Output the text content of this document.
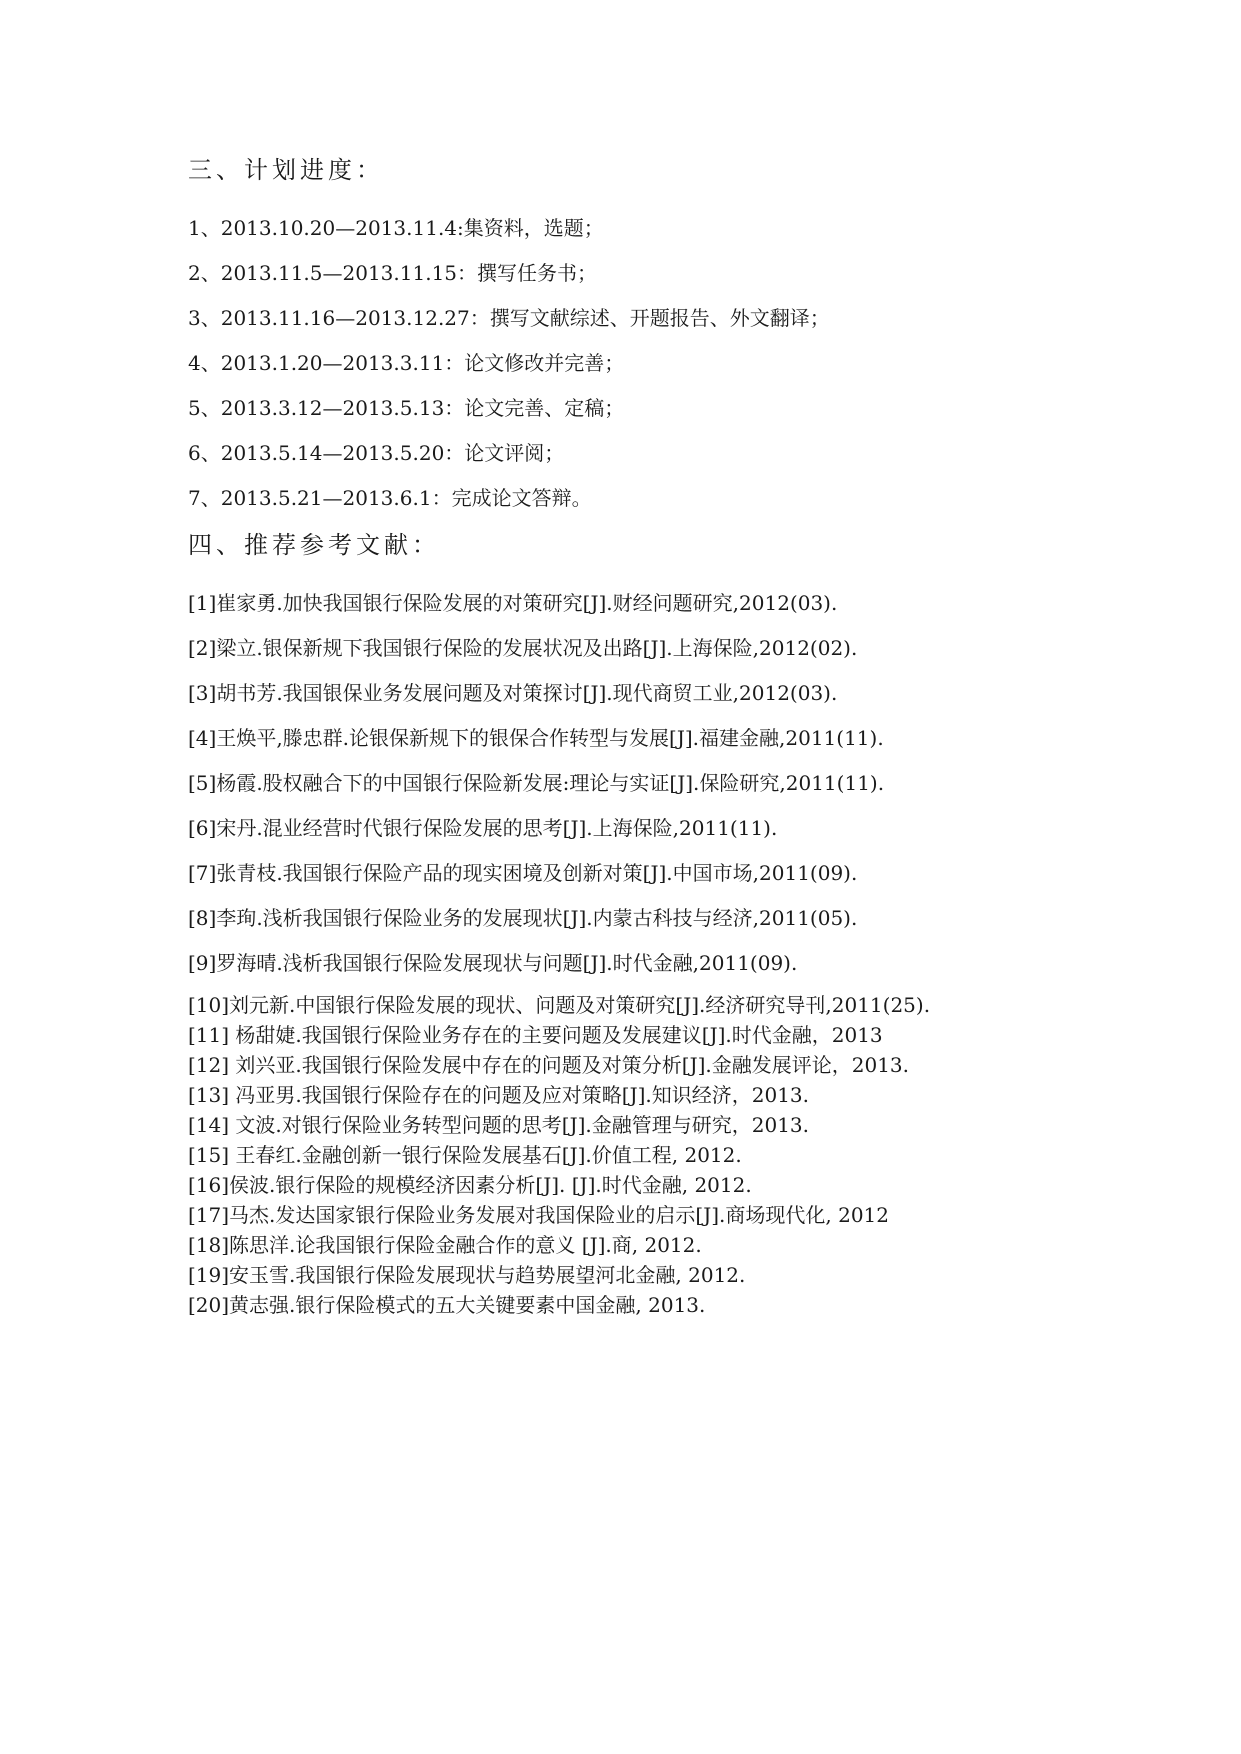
三、计划进度：
1、2013.10.20—2013.11.4:集资料，选题；
2、2013.11.5—2013.11.15：撰写任务书；
3、2013.11.16—2013.12.27：撰写文献综述、开题报告、外文翻译；
4、2013.1.20—2013.3.11：论文修改并完善；
5、2013.3.12—2013.5.13：论文完善、定稿；
6、2013.5.14—2013.5.20：论文评阅；
7、2013.5.21—2013.6.1：完成论文答辩。
四、推荐参考文献：
[1]崔家勇.加快我国银行保险发展的对策研究[J].财经问题研究,2012(03).
[2]梁立.银保新规下我国银行保险的发展状况及出路[J].上海保险,2012(02).
[3]胡书芳.我国银保业务发展问题及对策探讨[J].现代商贸工业,2012(03).
[4]王焕平,滕忠群.论银保新规下的银保合作转型与发展[J].福建金融,2011(11).
[5]杨霞.股权融合下的中国银行保险新发展:理论与实证[J].保险研究,2011(11).
[6]宋丹.混业经营时代银行保险发展的思考[J].上海保险,2011(11).
[7]张青枝.我国银行保险产品的现实困境及创新对策[J].中国市场,2011(09).
[8]李珣.浅析我国银行保险业务的发展现状[J].内蒙古科技与经济,2011(05).
[9]罗海晴.浅析我国银行保险发展现状与问题[J].时代金融,2011(09).
[10]刘元新.中国银行保险发展的现状、问题及对策研究[J].经济研究导刊,2011(25).
[11] 杨甜婕.我国银行保险业务存在的主要问题及发展建议[J].时代金融，2013
[12] 刘兴亚.我国银行保险发展中存在的问题及对策分析[J].金融发展评论，2013.
[13] 冯亚男.我国银行保险存在的问题及应对策略[J].知识经济，2013.
[14] 文波.对银行保险业务转型问题的思考[J].金融管理与研究，2013.
[15] 王春红.金融创新一银行保险发展基石[J].价值工程, 2012.
[16]侯波.银行保险的规模经济因素分析[J]. [J].时代金融, 2012.
[17]马杰.发达国家银行保险业务发展对我国保险业的启示[J].商场现代化, 2012
[18]陈思洋.论我国银行保险金融合作的意义 [J].商, 2012.
[19]安玉雪.我国银行保险发展现状与趋势展望河北金融, 2012.
[20]黄志强.银行保险模式的五大关键要素中国金融, 2013.
